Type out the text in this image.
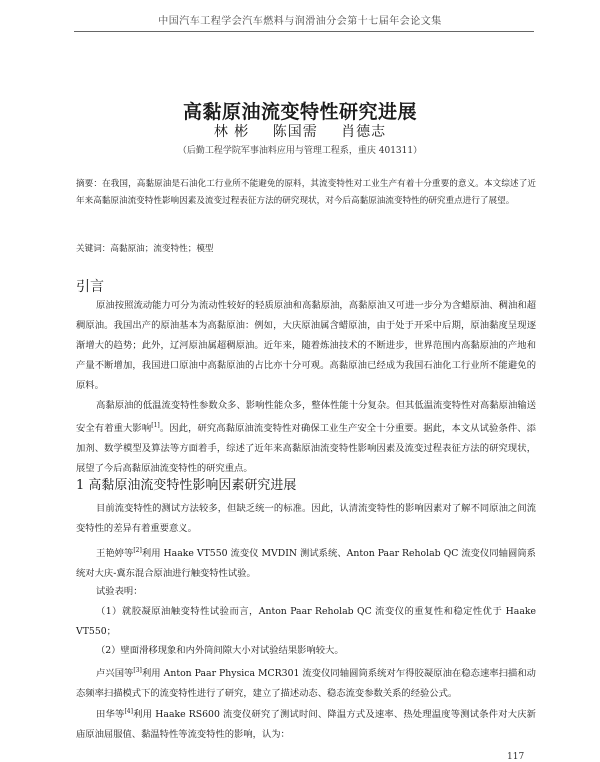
中国汽车工程学会汽车燃料与润滑油分会第十七届年会论文集
高黏原油流变特性研究进展
林 彬 陈国需 肖德志
（后勤工程学院军事油料应用与管理工程系，重庆 401311）

摘要：在我国，高黏原油是石油化工行业所不能避免的原料，其流变特性对工业生产有着十分重要的意义。本文综述了近年来高黏原油流变特性影响因素及流变过程表征方法的研究现状，对今后高黏原油流变特性的研究重点进行了展望。

关键词：高黏原油；流变特性；模型

引言

原油按照流动能力可分为流动性较好的轻质原油和高黏原油，高黏原油又可进一步分为含蜡原油、稠油和超稠原油。我国出产的原油基本为高黏原油：例如，大庆原油属含蜡原油，由于处于开采中后期，原油黏度呈现逐渐增大的趋势；此外，辽河原油属超稠原油。近年来，随着炼油技术的不断进步，世界范围内高黏原油的产地和产量不断增加，我国进口原油中高黏原油的占比亦十分可观。高黏原油已经成为我国石油化工行业所不能避免的原料。

高黏原油的低温流变特性参数众多、影响性能众多，整体性能十分复杂。但其低温流变特性对高黏原油输送安全有着重大影响[1]。因此，研究高黏原油流变特性对确保工业生产安全十分重要。据此，本文从试验条件、添加剂、数学模型及算法等方面着手，综述了近年来高黏原油流变特性影响因素及流变过程表征方法的研究现状，展望了今后高黏原油流变特性的研究重点。

1 高黏原油流变特性影响因素研究进展

目前流变特性的测试方法较多，但缺乏统一的标准。因此，认清流变特性的影响因素对了解不同原油之间流变特性的差异有着重要意义。

王艳婷等[2]利用 Haake VT550 流变仪 MVDIN 测试系统、Anton Paar Reholab QC 流变仪同轴圆筒系统对大庆-冀东混合原油进行触变特性试验。

试验表明：

（1）就胶凝原油触变特性试验而言，Anton Paar Reholab QC 流变仪的重复性和稳定性优于 Haake VT550；

（2）壁面滑移现象和内外筒间隙大小对试验结果影响较大。

卢兴国等[3]利用 Anton Paar Physica MCR301 流变仪同轴圆筒系统对乍得胶凝原油在稳态速率扫描和动态频率扫描模式下的流变特性进行了研究，建立了描述动态、稳态流变参数关系的经验公式。

田华等[4]利用 Haake RS600 流变仪研究了测试时间、降温方式及速率、热处理温度等测试条件对大庆新庙原油屈服值、黏温特性等流变特性的影响，认为：

117
